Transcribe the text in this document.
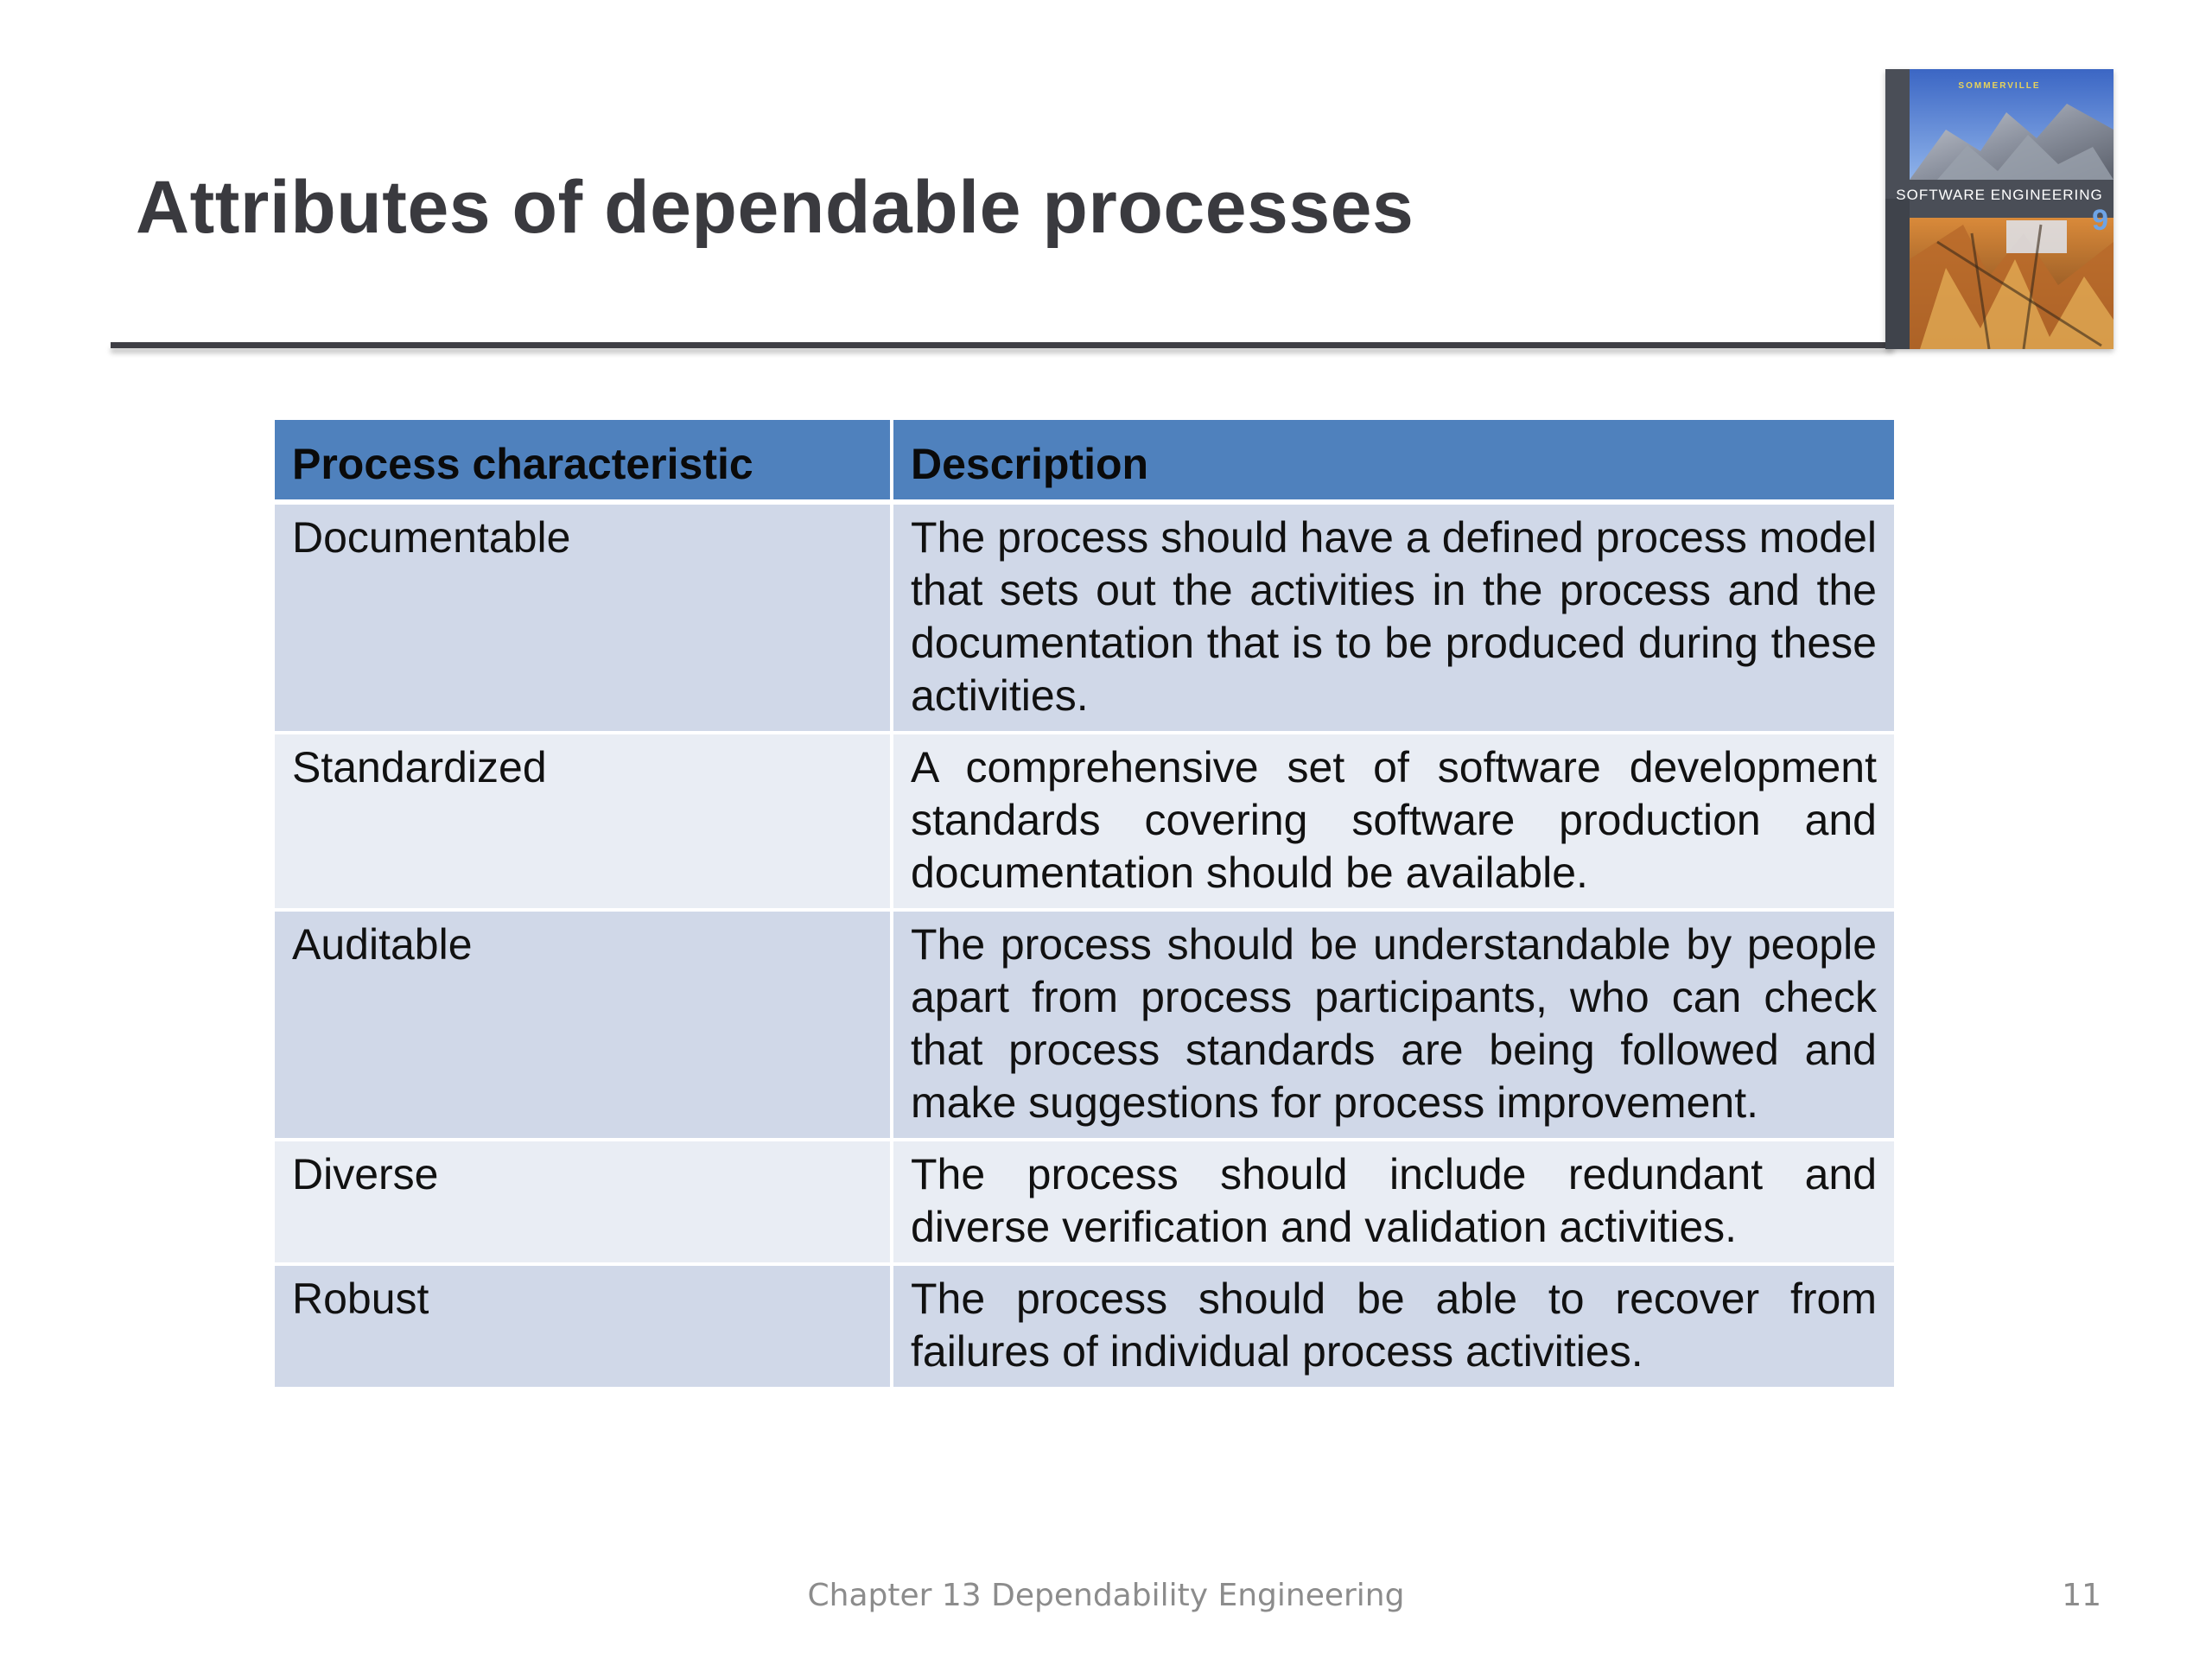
Attributes of dependable processes
SOMMERVILLE
SOFTWARE ENGINEERING
9
Process characteristic	Description
Documentable	The process should have a defined process model that sets out the activities in the process and the documentation that is to be produced during these activities.
Standardized	A comprehensive set of software development standards covering software production and documentation should be available.
Auditable	The process should be understandable by people apart from process participants, who can check that process standards are being followed and make suggestions for process improvement.
Diverse	The process should include redundant and diverse verification and validation activities.
Robust	The process should be able to recover from failures of individual process activities.
Chapter 13 Dependability Engineering	11
